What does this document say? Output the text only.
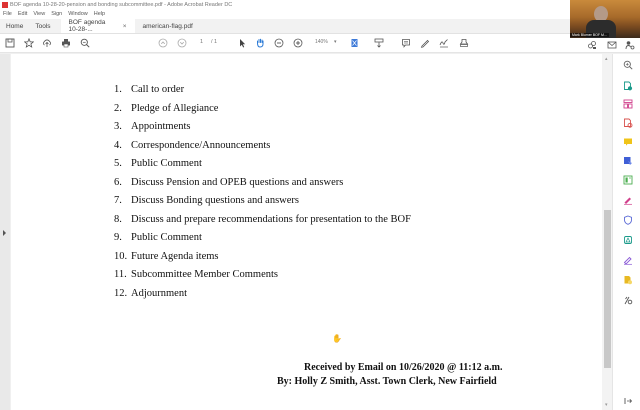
BOF agenda 10-28-20-pension and bonding subcommittee.pdf - Adobe Acrobat Reader DC
File Edit View Sign Window Help
Home Tools	BOF agenda 10-28-...	× american-flag.pdf
1 / 1	140% ▾
Mark Blumer BOF M...
1. Call to order
2. Pledge of Allegiance
3. Appointments
4. Correspondence/Announcements
5. Public Comment
6. Discuss Pension and OPEB questions and answers
7. Discuss Bonding questions and answers
8. Discuss and prepare recommendations for presentation to the BOF
9. Public Comment
10. Future Agenda items
11. Subcommittee Member Comments
12. Adjournment
✋
Received by Email on 10/26/2020 @ 11:12 a.m.
By: Holly Z Smith, Asst. Town Clerk, New Fairfield
▴
▾
